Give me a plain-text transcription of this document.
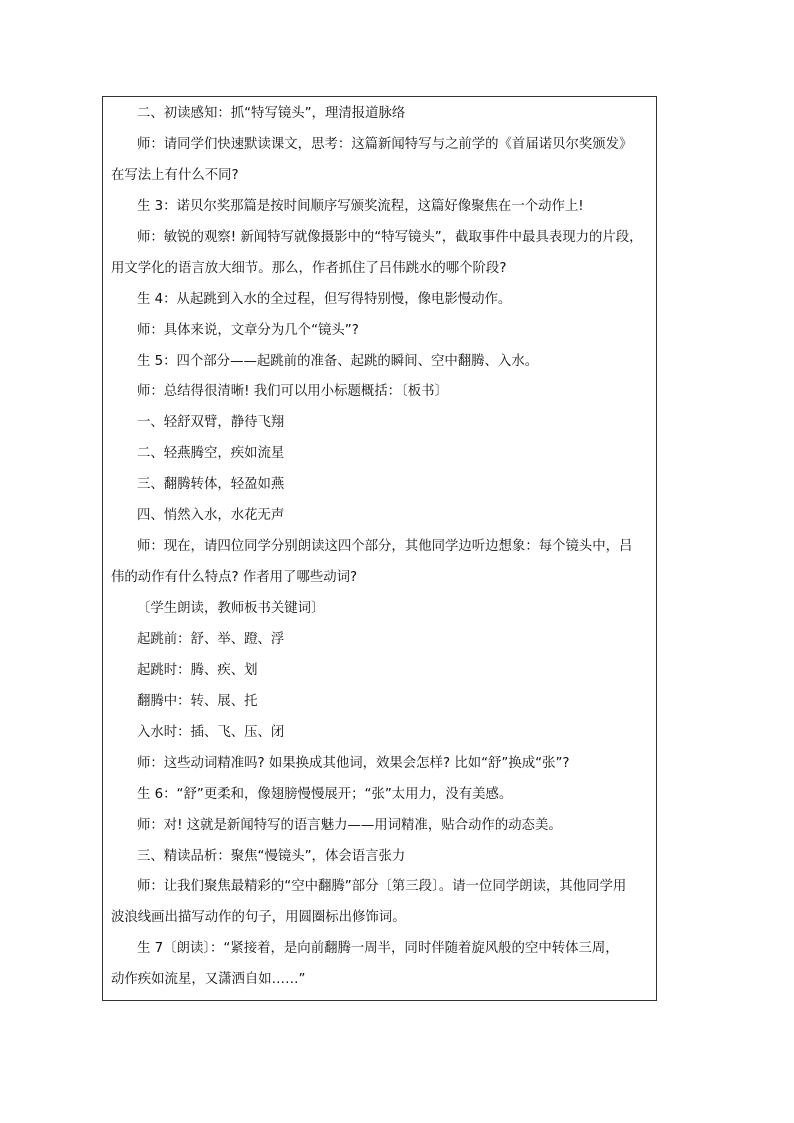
二、初读感知：抓“特写镜头”，理清报道脉络
师：请同学们快速默读课文，思考：这篇新闻特写与之前学的《首届诺贝尔奖颁发》
在写法上有什么不同?
生 3：诺贝尔奖那篇是按时间顺序写颁奖流程，这篇好像聚焦在一个动作上!
师：敏锐的观察! 新闻特写就像摄影中的“特写镜头”，截取事件中最具表现力的片段，
用文学化的语言放大细节。那么，作者抓住了吕伟跳水的哪个阶段?
生 4：从起跳到入水的全过程，但写得特别慢，像电影慢动作。
师：具体来说，文章分为几个“镜头”?
生 5：四个部分——起跳前的准备、起跳的瞬间、空中翻腾、入水。
师：总结得很清晰! 我们可以用小标题概括：〔板书〕
一、轻舒双臂，静待飞翔
二、轻燕腾空，疾如流星
三、翻腾转体，轻盈如燕
四、悄然入水，水花无声
师：现在，请四位同学分别朗读这四个部分，其他同学边听边想象：每个镜头中，吕
伟的动作有什么特点? 作者用了哪些动词?
〔学生朗读，教师板书关键词〕
起跳前：舒、举、蹬、浮
起跳时：腾、疾、划
翻腾中：转、展、托
入水时：插、飞、压、闭
师：这些动词精准吗? 如果换成其他词，效果会怎样? 比如“舒”换成“张”?
生 6：“舒”更柔和，像翅膀慢慢展开；“张”太用力，没有美感。
师：对! 这就是新闻特写的语言魅力——用词精准，贴合动作的动态美。
三、精读品析：聚焦“慢镜头”，体会语言张力
师：让我们聚焦最精彩的“空中翻腾”部分〔第三段〕。请一位同学朗读，其他同学用
波浪线画出描写动作的句子，用圆圈标出修饰词。
生 7〔朗读〕：“紧接着，是向前翻腾一周半，同时伴随着旋风般的空中转体三周，
动作疾如流星，又潇洒自如……”
